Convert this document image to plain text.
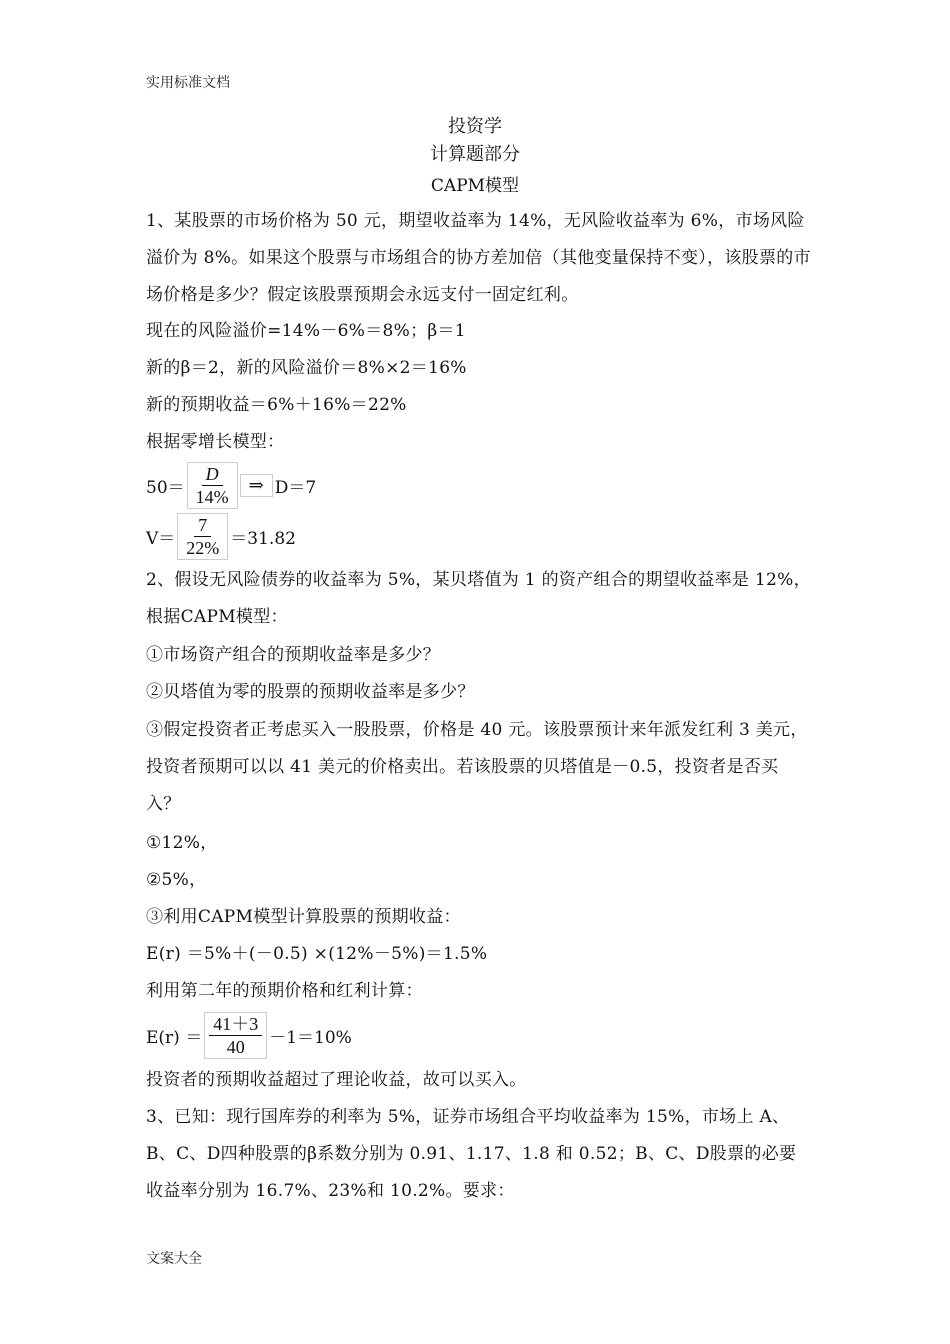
实用标准文档
投资学
计算题部分
CAPM模型
1、某股票的市场价格为 50 元，期望收益率为 14%，无风险收益率为 6%，市场风险溢价为 8%。如果这个股票与市场组合的协方差加倍（其他变量保持不变），该股票的市场价格是多少？假定该股票预期会永远支付一固定红利。
现在的风险溢价=14%－6%＝8%；β＝1
新的β＝2，新的风险溢价＝8%×2＝16%
新的预期收益＝6%＋16%＝22%
根据零增长模型：
$50= \frac{D}{14\%}$ ⇒ D＝7
$V= \frac{7}{22\%} =31.82$
2、假设无风险债券的收益率为 5%，某贝塔值为 1 的资产组合的期望收益率是 12%，根据CAPM模型：
①市场资产组合的预期收益率是多少？
②贝塔值为零的股票的预期收益率是多少？
③假定投资者正考虑买入一股股票，价格是 40 元。该股票预计来年派发红利 3 美元，投资者预期可以以 41 美元的价格卖出。若该股票的贝塔值是－0.5，投资者是否买入？
①12%，
②5%，
③利用CAPM模型计算股票的预期收益：
E(r) ＝5%＋(－0.5) ×(12%－5%)＝1.5%
利用第二年的预期价格和红利计算：
$E(r) = \frac{41+3}{40} -1=10\%$
投资者的预期收益超过了理论收益，故可以买入。
3、已知：现行国库券的利率为 5%，证券市场组合平均收益率为 15%，市场上 A、B、C、D四种股票的β系数分别为 0.91、1.17、1.8 和 0.52；B、C、D股票的必要收益率分别为 16.7%、23%和 10.2%。要求：
文案大全
